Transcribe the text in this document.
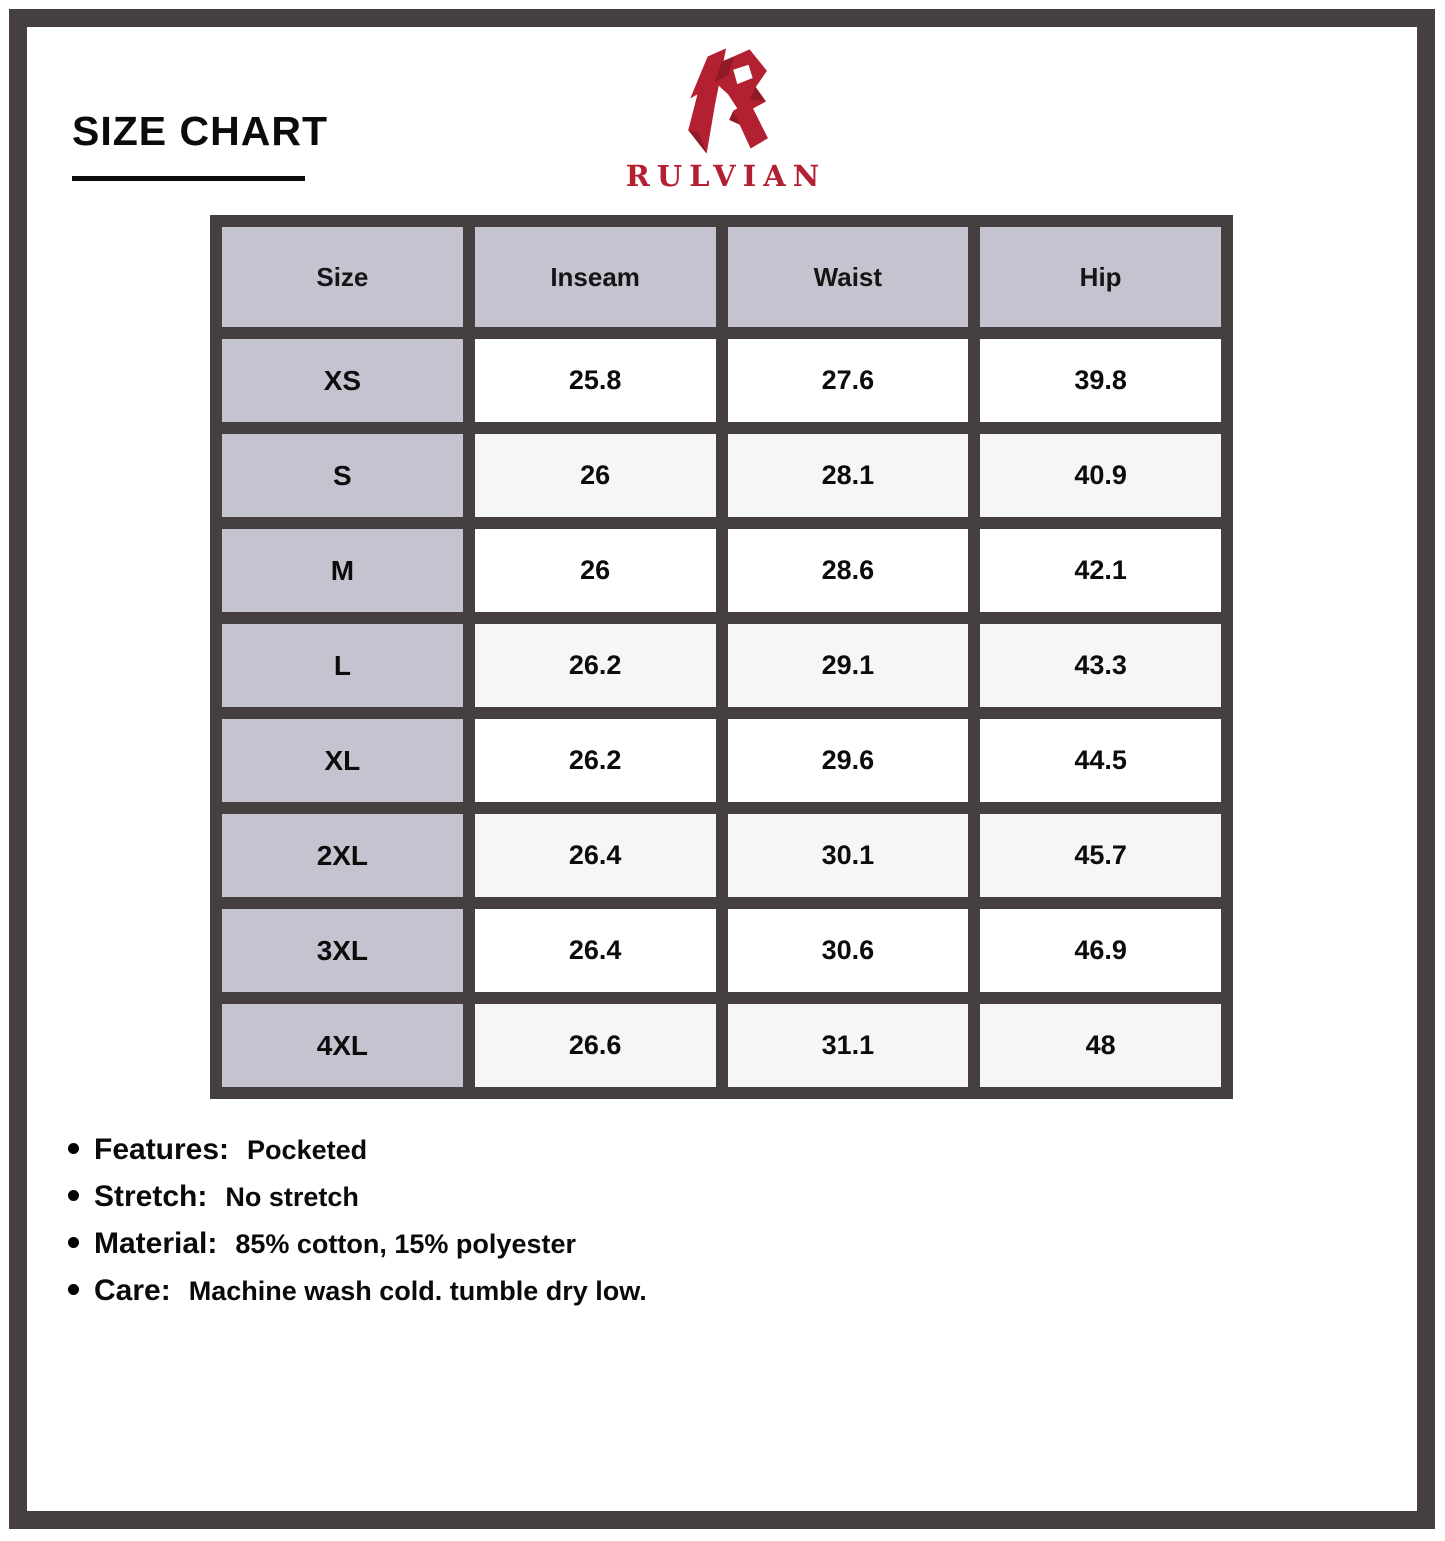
SIZE CHART
RULVIAN
Size	Inseam	Waist	Hip
XS	25.8	27.6	39.8
S	26	28.1	40.9
M	26	28.6	42.1
L	26.2	29.1	43.3
XL	26.2	29.6	44.5
2XL	26.4	30.1	45.7
3XL	26.4	30.6	46.9
4XL	26.6	31.1	48
Features: Pocketed
Stretch: No stretch
Material: 85% cotton, 15% polyester
Care: Machine wash cold. tumble dry low.
